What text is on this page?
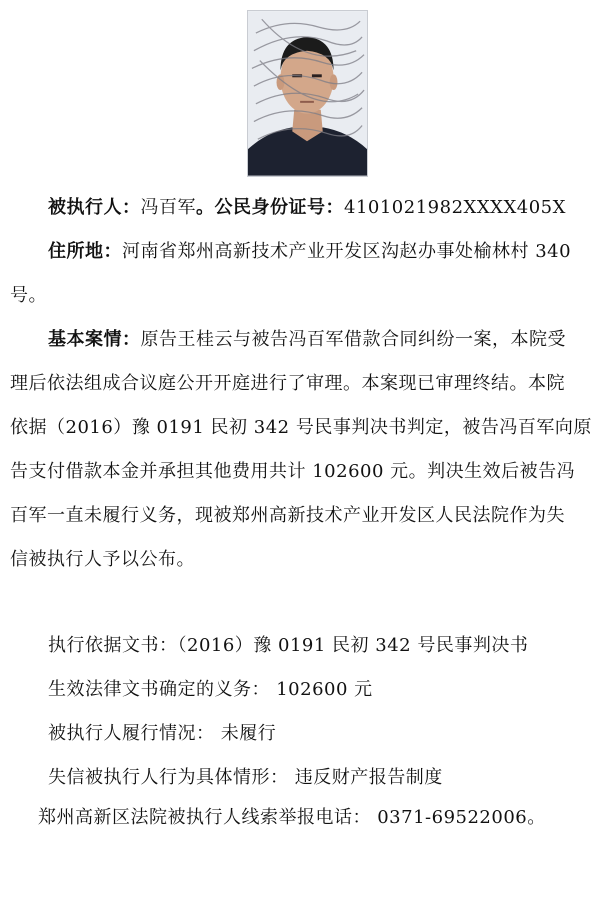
被执行人：冯百军。公民身份证号：4101021982XXXX405X
住所地：河南省郑州高新技术产业开发区沟赵办事处榆林村 340
号。
基本案情：原告王桂云与被告冯百军借款合同纠纷一案，本院受
理后依法组成合议庭公开开庭进行了审理。本案现已审理终结。本院
依据（2016）豫 0191 民初 342 号民事判决书判定，被告冯百军向原
告支付借款本金并承担其他费用共计 102600 元。判决生效后被告冯
百军一直未履行义务，现被郑州高新技术产业开发区人民法院作为失
信被执行人予以公布。
执行依据文书：（2016）豫 0191 民初 342 号民事判决书
生效法律文书确定的义务： 102600 元
被执行人履行情况： 未履行
失信被执行人行为具体情形： 违反财产报告制度
郑州高新区法院被执行人线索举报电话： 0371-69522006。
